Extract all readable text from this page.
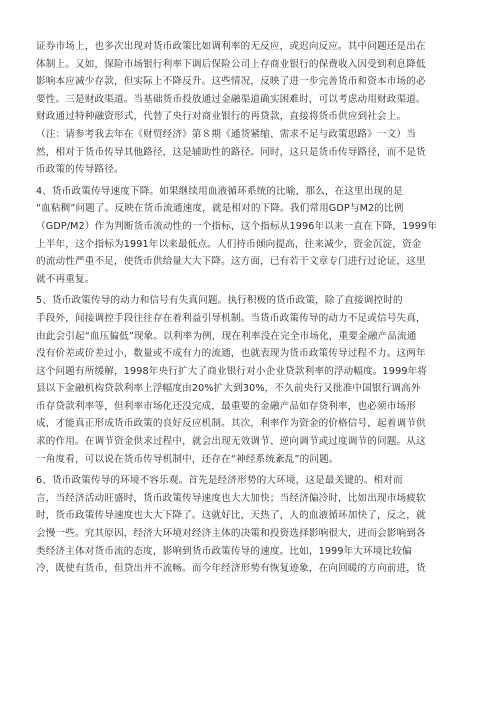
证券市场上，也多次出现对货币政策比如调利率的无反应，或迟向反应。其中问题还是出在
体制上。又如，保险市场银行利率下调后保险公司上存商业银行的保费收入因受到利息降低
影响本应减少存款，但实际上不降反升。这些情况，反映了进一步完善货币和资本市场的必
要性。三是财政渠道。当基础货币投放通过金融渠道确实困难时，可以考虑动用财政渠道。
财政通过特种融资形式，代替了央行对商业银行的再贷款，直接将货币供应到社会上。
（注：请参考我去年在《财贸经济》第８期《通货紧缩、需求不足与政策思路》一文）当
然，相对于货币传导其他路径，这是辅助性的路径。同时，这只是货币传导路径，而不是货
币政策的传导路径。
4、货币政策传导速度下降。如果继续用血液循环系统的比喻，那么，在这里出现的是
“血粘稠”问题了。反映在货币流通速度，就是相对的下降。我们常用GDP与M2的比例
（GDP/M2）作为判断货币流动性的一个指标，这个指标从1996年以来一直在下降，1999年
上半年，这个指标为1991年以来最低点。人们持币倾向提高，往来减少，资金沉淀，资金
的流动性严重不足，使货币供给量大大下降。这方面，已有若干文章专门进行过论证，这里
就不再重复。
5、货币政策传导的动力和信号有失真问题。执行积极的货币政策，除了直接调控时的
手段外，间接调控手段往往存在着利益引导机制。当货币政策传导的动力不足或信号失真，
由此会引起“血压偏低”现象。以利率为例，现在利率没在完全市场化，重要金融产品流通
没有价差或价差过小，数量或不成有力的流通，也就表现为货币政策传导过程不力。这两年
这个问题有所缓解，1998年央行扩大了商业银行对小企业贷款利率的浮动幅度。1999年将
县以下金融机构贷款利率上浮幅度由20%扩大到30%，不久前央行又批准中国银行调高外
币存贷款利率等，但利率市场化还没完成，最重要的金融产品如存贷利率，也必须市场形
成，才能真正形成货币政策的良好反应机制。其次，利率作为资金的价格信号，起着调节供
求的作用。在调节资金供求过程中，就会出现无效调节、逆向调节或过度调节的问题。从这
一角度看，可以说在货币传导机制中，还存在“神经系统紊乱”的问题。
6、货币政策传导的环境不容乐观。首先是经济形势的大环境，这是最关键的。相对而
言，当经济活动旺盛时，货币政策传导速度也大大加快；当经济偏冷时，比如出现市场疲软
时，货币政策传导速度也大大下降了。这就好比，天热了，人的血液循环加快了，反之，就
会慢一些。究其原因，经济大环境对经济主体的决策和投资选择影响很大，进而会影响到各
类经济主体对货币流的态度，影响到货币政策传导的速度。比如，1999年大环境比较偏
冷，既使有货币，但贷出并不流畅。而今年经济形势有恢复迹象，在向回暖的方向前进，货
